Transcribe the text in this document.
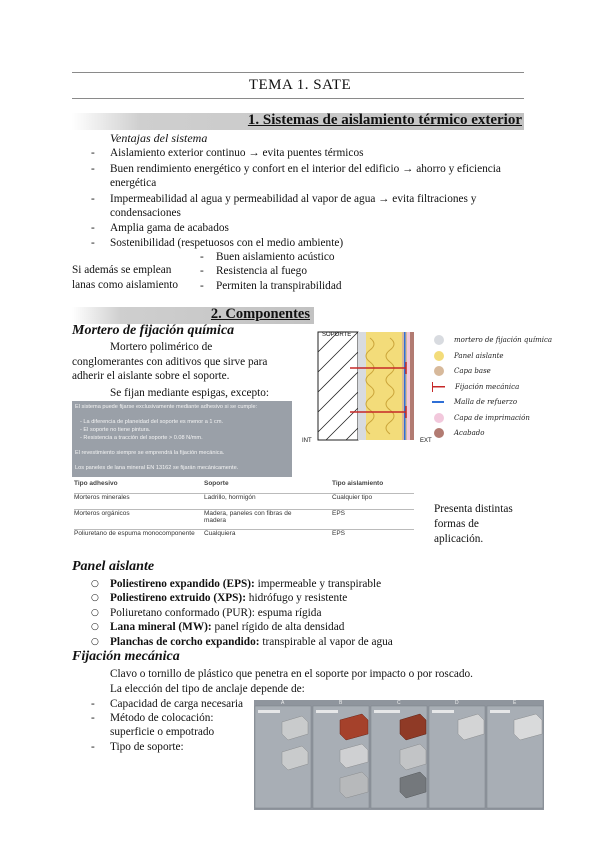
TEMA 1. SATE
1. Sistemas de aislamiento térmico exterior
Ventajas del sistema
- Aislamiento exterior continuo → evita puentes térmicos
- Buen rendimiento energético y confort en el interior del edificio → ahorro y eficiencia
energética
- Impermeabilidad al agua y permeabilidad al vapor de agua → evita filtraciones y
condensaciones
- Amplia gama de acabados
- Sostenibilidad (respetuosos con el medio ambiente)
Si además se emplean
lanas como aislamiento
- Buen aislamiento acústico
- Resistencia al fuego
- Permiten la transpirabilidad
2. Componentes
Mortero de fijación química
Mortero polimérico de
conglomerantes con aditivos que sirve para
adherir el aislante sobre el soporte.
Se fijan mediante espigas, excepto:
El sistema puede fijarse exclusivamente mediante adhesivo si se cumple:
- La diferencia de planeidad del soporte es menor a 1 cm.
- El soporte no tiene pintura.
- Resistencia a tracción del soporte > 0.08 N/mm.
El revestimiento siempre se emprendrá la fijación mecánica.
Los paneles de lana mineral EN 13162 se fijarán mecánicamente.
SOPORTE
INT	EXT
mortero de fijación química
Panel aislante
Capa base
Fijación mecánica
Malla de refuerzo
Capa de imprimación
Acabado
Tipo adhesivo	Soporte	Tipo aislamiento
Morteros minerales	Ladrillo, hormigón	Cualquier tipo
Morteros orgánicos	Madera, paneles con fibras de madera	EPS
Poliuretano de espuma monocomponente	Cualquiera	EPS
Presenta distintas
formas de
aplicación.
Panel aislante
○ Poliestireno expandido (EPS): impermeable y transpirable
○ Poliestireno extruido (XPS): hidrófugo y resistente
○ Poliuretano conformado (PUR): espuma rígida
○ Lana mineral (MW): panel rígido de alta densidad
○ Planchas de corcho expandido: transpirable al vapor de agua
Fijación mecánica
Clavo o tornillo de plástico que penetra en el soporte por impacto o por roscado.
La elección del tipo de anclaje depende de:
- Capacidad de carga necesaria
- Método de colocación:
superficie o empotrado
- Tipo de soporte:
A	B	C	D	E
